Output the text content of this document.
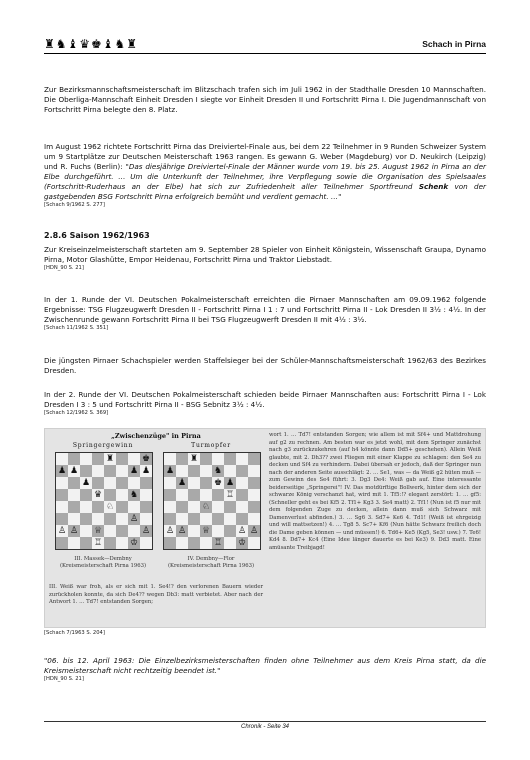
♜♞♝♛♚♝♞♜	Schach in Pirna
Zur Bezirksmannschaftsmeisterschaft im Blitzschach trafen sich im Juli 1962 in der Stadthalle Dresden 10 Mannschaften. Die Oberliga-Mannschaft Einheit Dresden I siegte vor Einheit Dresden II und Fortschritt Pirna I. Die Jugendmannschaft von Fortschritt Pirna belegte den 8. Platz.
Im August 1962 richtete Fortschritt Pirna das Dreiviertel-Finale aus, bei dem 22 Teilnehmer in 9 Runden Schweizer System um 9 Startplätze zur Deutschen Meisterschaft 1963 rangen. Es gewann G. Weber (Magdeburg) vor D. Neukirch (Leipzig) und R. Fuchs (Berlin): "Das diesjährige Dreiviertel-Finale der Männer wurde vom 19. bis 25. August 1962 in Pirna an der Elbe durchgeführt. … Um die Unterkunft der Teilnehmer, ihre Verpflegung sowie die Organisation des Spielsaales (Fortschritt-Ruderhaus an der Elbe) hat sich zur Zufriedenheit aller Teilnehmer Sportfreund Schenk von der gastgebenden BSG Fortschritt Pirna erfolgreich bemüht und verdient gemacht. …"
[Schach 9/1962 S. 277]
2.8.6 Saison 1962/1963
Zur Kreiseinzelmeisterschaft starteten am 9. September 28 Spieler von Einheit Königstein, Wissenschaft Graupa, Dynamo Pirna, Motor Glashütte, Empor Heidenau, Fortschritt Pirna und Traktor Liebstadt.
[HDN_90 S. 21]
In der 1. Runde der VI. Deutschen Pokalmeisterschaft erreichten die Pirnaer Mannschaften am 09.09.1962 folgende Ergebnisse: TSG Flugzeugwerft Dresden II - Fortschritt Pirna I 1 : 7 und Fortschritt Pirna II - Lok Dresden II 3½ : 4½. In der Zwischenrunde gewann Fortschritt Pirna II bei TSG Flugzeugwerft Dresden II mit 4½ : 3½.
[Schach 11/1962 S. 351]
Die jüngsten Pirnaer Schachspieler werden Staffelsieger bei der Schüler-Mannschaftsmeisterschaft 1962/63 des Bezirkes Dresden.
In der 2. Runde der VI. Deutschen Pokalmeisterschaft schieden beide Pirnaer Mannschaften aus: Fortschritt Pirna I - Lok Dresden I 3 : 5 und Fortschritt Pirna II - BSG Sebnitz 3½ : 4½.
[Schach 12/1962 S. 369]
„Zwischenzüge" in Pirna
Springergewinn
♜	♚
♟ ♟	♟ ♟
♟
♛	♞
♘
♙
♙ ♙ ♕	♙
♖	♔
III. Massek—Dembny (Kreismeisterschaft Pirna 1963)
Turmopfer
♜
♟	♞
♟	♚ ♟
♖
♘
♙ ♙ ♕	♙ ♙
♖ ♔
IV. Dembny—Flor (Kreismeisterschaft Pirna 1963)
III. Weiß war froh, als er sich mit 1. Se4!? den verlorenen Bauern wieder zurückholen konnte, da sich De4?? wegen Db3: matt verbietet. Aber nach der Antwort 1. … Td7! entstanden Sorgen;
wort 1. … Td7! entstanden Sorgen; wie allem ist mit Sf4+ und Mattdrohung auf g2 zu rechnen. Am besten war es jetzt wohl, mit dem Springer zunächst nach g3 zurückzukehren (auf h4 könnte dann Dd5+ geschehen). Allein Weiß glaubte, mit 2. Dh3?? zwei Fliegen mit einer Klappe zu schlagen: den Se4 zu decken und Sf4 zu verhindern. Dabei übersah er jedoch, daß der Springer nun nach der anderen Seite ausschlägt: 2. … Se1, was — da Weiß g2 hüten muß — zum Gewinn des Se4 führt: 3. Dg3 De4: Weiß gab auf. Eine interessante beiderseitige „Springerei"! IV. Das motdürftige Bollwerk, hinter dem sich der schwarze König verschanzt hat, wird mit 1. Tf5:!? elegant zerstört: 1. … gf5: (Schneller geht es bei Kf5 2. Tf1+ Kg3 3. Se4 matt) 2. Tf1! (Nun ist f5 nur mit dem folgenden Zuge zu decken, allein dann muß sich Schwarz mit Damenverlust abfinden.) 3. … Sg6 3. Sd7+ Ke6 4. Td1! (Weiß ist ehrgeizig und will mattsetzen!) 4. … Tg8 5. Sc7+ Kf6 (Nun hätte Schwarz freilich doch die Dame geben können — und müssen!) 6. Td6+ Ke5 (Kg5, Se3! usw.) 7. Te6! Kd4 8. Dd7+ Kc4 (Eine Idee länger dauerte es bei Ke3) 9. Dd3 matt. Eine amüsante Treibjagd!
[Schach 7/1963 S. 204]
"06. bis 12. April 1963: Die Einzelbezirksmeisterschaften finden ohne Teilnehmer aus dem Kreis Pirna statt, da die Kreismeisterschaft nicht rechtzeitig beendet ist."
[HDN_90 S. 21]
Chronik - Seite 34
